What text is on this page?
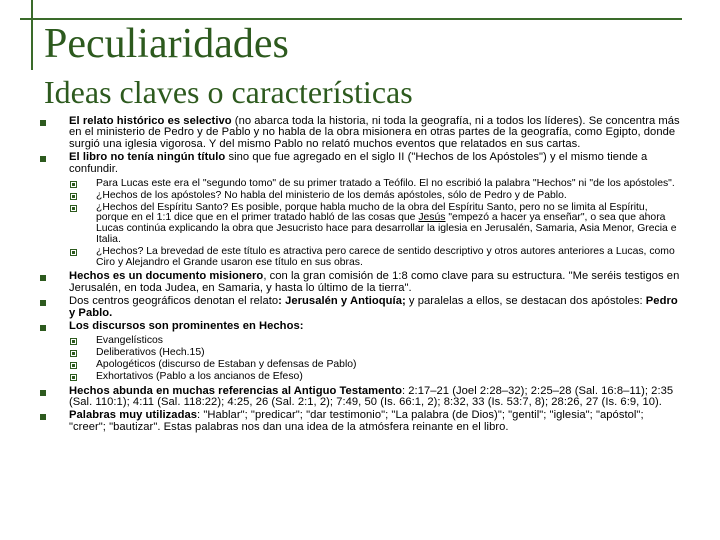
Peculiaridades
Ideas claves o características
El relato histórico es selectivo (no abarca toda la historia, ni toda la geografía, ni a todos los líderes). Se concentra más en el ministerio de Pedro y de Pablo y no habla de la obra misionera en otras partes de la geografía, como Egipto, donde surgió una iglesia vigorosa. Y del mismo Pablo no relató muchos eventos que relatados en sus cartas.
El libro no tenía ningún título sino que fue agregado en el siglo II ("Hechos de los Apóstoles") y el mismo tiende a confundir.
Para Lucas este era el "segundo tomo" de su primer tratado a Teófilo. El no escribió la palabra "Hechos" ni "de los apóstoles".
¿Hechos de los apóstoles? No habla del ministerio de los demás apóstoles, sólo de Pedro y de Pablo.
¿Hechos del Espíritu Santo? Es posible, porque habla mucho de la obra del Espíritu Santo, pero no se limita al Espíritu, porque en el 1:1 dice que en el primer tratado habló de las cosas que Jesús "empezó a hacer ya enseñar", o sea que ahora Lucas continúa explicando la obra que Jesucristo hace para desarrollar la iglesia en Jerusalén, Samaria, Asia Menor, Grecia e Italia.
¿Hechos? La brevedad de este título es atractiva pero carece de sentido descriptivo y otros autores anteriores a Lucas, como Ciro y Alejandro el Grande usaron ese título en sus obras.
Hechos es un documento misionero, con la gran comisión de 1:8 como clave para su estructura. "Me seréis testigos en Jerusalén, en toda Judea, en Samaria, y hasta lo último de la tierra".
Dos centros geográficos denotan el relato: Jerusalén y Antioquía; y paralelas a ellos, se destacan dos apóstoles: Pedro y Pablo.
Los discursos son prominentes en Hechos:
Evangelísticos
Deliberativos (Hech.15)
Apologéticos (discurso de Estaban y defensas de Pablo)
Exhortativos (Pablo a los ancianos de Efeso)
Hechos abunda en muchas referencias al Antiguo Testamento: 2:17–21 (Joel 2:28–32); 2:25–28 (Sal. 16:8–11); 2:35 (Sal. 110:1); 4:11 (Sal. 118:22); 4:25, 26 (Sal. 2:1, 2); 7:49, 50 (Is. 66:1, 2); 8:32, 33 (Is. 53:7, 8); 28:26, 27 (Is. 6:9, 10).
Palabras muy utilizadas: "Hablar"; "predicar"; "dar testimonio"; "La palabra (de Dios)"; "gentil"; "iglesia"; "apóstol"; "creer"; "bautizar". Estas palabras nos dan una idea de la atmósfera reinante en el libro.
